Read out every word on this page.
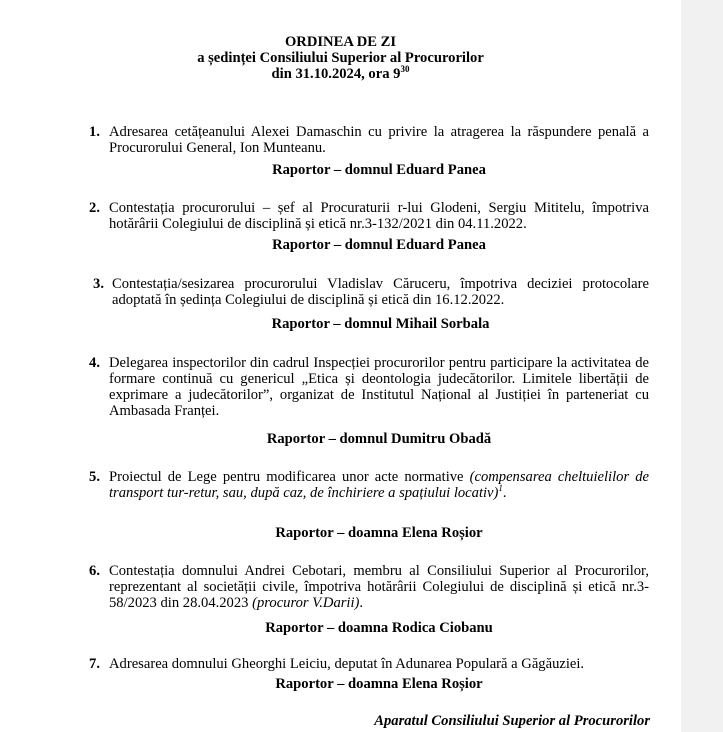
ORDINEA DE ZI
a ședinței Consiliului Superior al Procurorilor
din 31.10.2024, ora $9^{30}$
1. Adresarea cetățeanului Alexei Damaschin cu privire la atragerea la răspundere penală a Procurorului General, Ion Munteanu.
Raportor – domnul Eduard Panea
2. Contestația procurorului – șef al Procuraturii r-lui Glodeni, Sergiu Mititelu, împotriva hotărârii Colegiului de disciplină și etică nr.3-132/2021 din 04.11.2022.
Raportor – domnul Eduard Panea
3. Contestația/sesizarea procurorului Vladislav Căruceru, împotriva deciziei protocolare adoptată în ședința Colegiului de disciplină și etică din 16.12.2022.
Raportor – domnul Mihail Sorbala
4. Delegarea inspectorilor din cadrul Inspecției procurorilor pentru participare la activitatea de formare continuă cu genericul „Etica și deontologia judecătorilor. Limitele libertății de exprimare a judecătorilor”, organizat de Institutul Național al Justiției în parteneriat cu Ambasada Franței.
Raportor – domnul Dumitru Obadă
5. Proiectul de Lege pentru modificarea unor acte normative (compensarea cheltuielilor de transport tur-retur, sau, după caz, de închiriere a spațiului locativ)$^1$.
Raportor – doamna Elena Roșior
6. Contestația domnului Andrei Cebotari, membru al Consiliului Superior al Procurorilor, reprezentant al societății civile, împotriva hotărârii Colegiului de disciplină și etică nr.3-58/2023 din 28.04.2023 (procuror V.Darii).
Raportor – doamna Rodica Ciobanu
7. Adresarea domnului Gheorghi Leiciu, deputat în Adunarea Populară a Găgăuziei.
Raportor – doamna Elena Roșior
Aparatul Consiliului Superior al Procurorilor
